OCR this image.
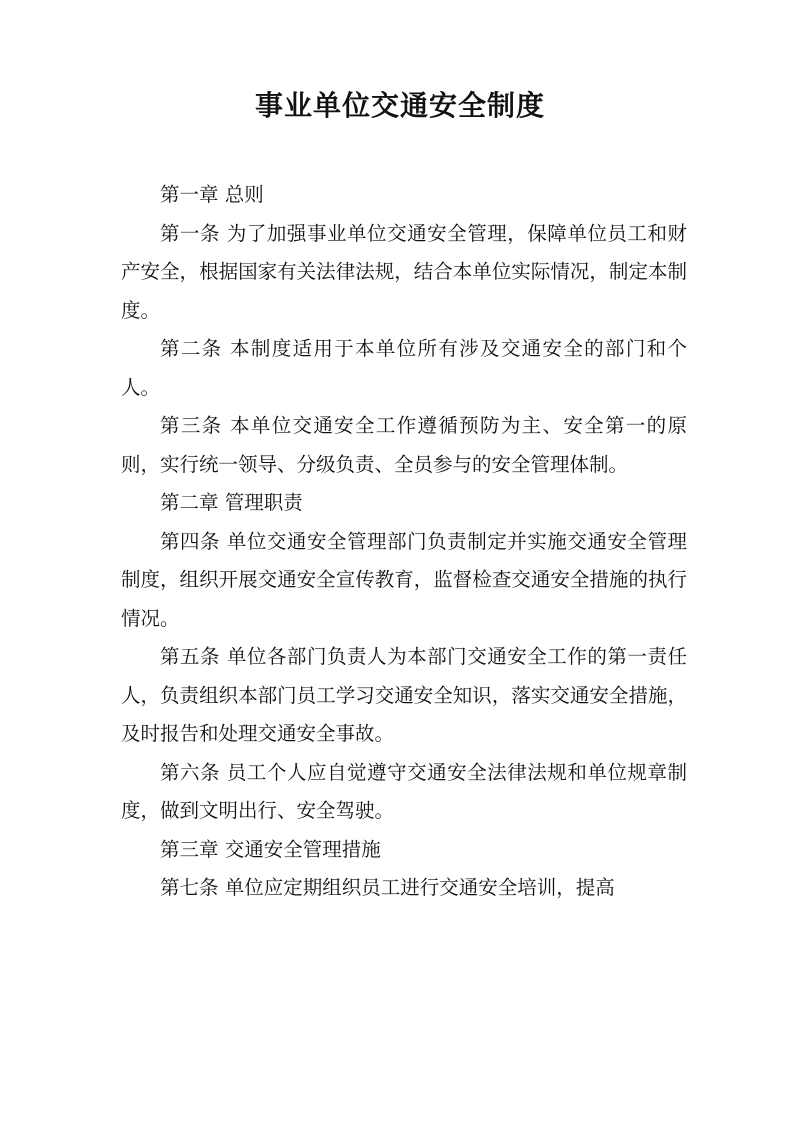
事业单位交通安全制度

第一章 总则

第一条 为了加强事业单位交通安全管理，保障单位员工和财产安全，根据国家有关法律法规，结合本单位实际情况，制定本制度。

第二条 本制度适用于本单位所有涉及交通安全的部门和个人。

第三条 本单位交通安全工作遵循预防为主、安全第一的原则，实行统一领导、分级负责、全员参与的安全管理体制。

第二章 管理职责

第四条 单位交通安全管理部门负责制定并实施交通安全管理制度，组织开展交通安全宣传教育，监督检查交通安全措施的执行情况。

第五条 单位各部门负责人为本部门交通安全工作的第一责任人，负责组织本部门员工学习交通安全知识，落实交通安全措施，及时报告和处理交通安全事故。

第六条 员工个人应自觉遵守交通安全法律法规和单位规章制度，做到文明出行、安全驾驶。

第三章 交通安全管理措施

第七条 单位应定期组织员工进行交通安全培训，提高
